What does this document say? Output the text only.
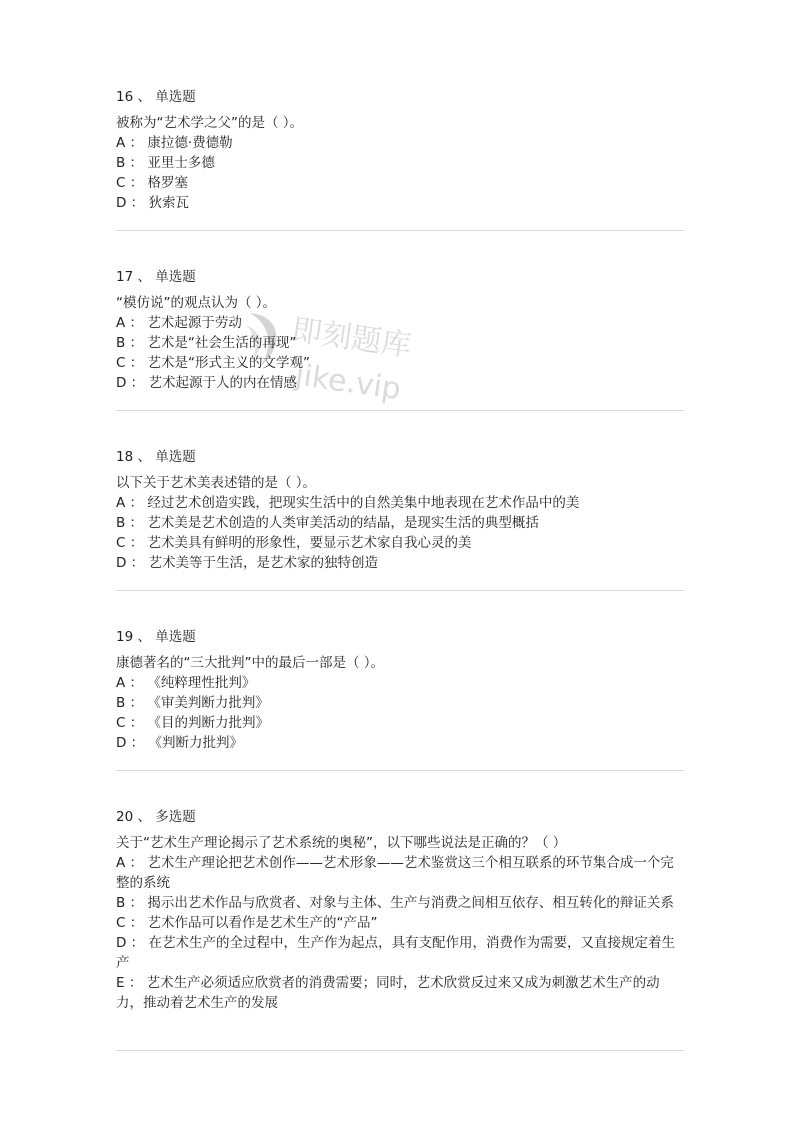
即刻题库
jike.vip
16 、 单选题
被称为“艺术学之父”的是（ ）。
A ： 康拉德·费德勒
B ： 亚里士多德
C ： 格罗塞
D ： 狄索瓦
17 、 单选题
“模仿说”的观点认为（ ）。
A ： 艺术起源于劳动
B ： 艺术是“社会生活的再现”
C ： 艺术是“形式主义的文学观”
D ： 艺术起源于人的内在情感
18 、 单选题
以下关于艺术美表述错的是（ ）。
A ： 经过艺术创造实践，把现实生活中的自然美集中地表现在艺术作品中的美
B ： 艺术美是艺术创造的人类审美活动的结晶，是现实生活的典型概括
C ： 艺术美具有鲜明的形象性，要显示艺术家自我心灵的美
D ： 艺术美等于生活，是艺术家的独特创造
19 、 单选题
康德著名的“三大批判”中的最后一部是（ ）。
A ： 《纯粹理性批判》
B ： 《审美判断力批判》
C ： 《目的判断力批判》
D ： 《判断力批判》
20 、 多选题
关于“艺术生产理论揭示了艺术系统的奥秘”，以下哪些说法是正确的？（ ）
A ： 艺术生产理论把艺术创作——艺术形象——艺术鉴赏这三个相互联系的环节集合成一个完整的系统
B ： 揭示出艺术作品与欣赏者、对象与主体、生产与消费之间相互依存、相互转化的辩证关系
C ： 艺术作品可以看作是艺术生产的“产品”
D ： 在艺术生产的全过程中，生产作为起点，具有支配作用，消费作为需要，又直接规定着生产
E ： 艺术生产必须适应欣赏者的消费需要；同时，艺术欣赏反过来又成为刺激艺术生产的动力，推动着艺术生产的发展
